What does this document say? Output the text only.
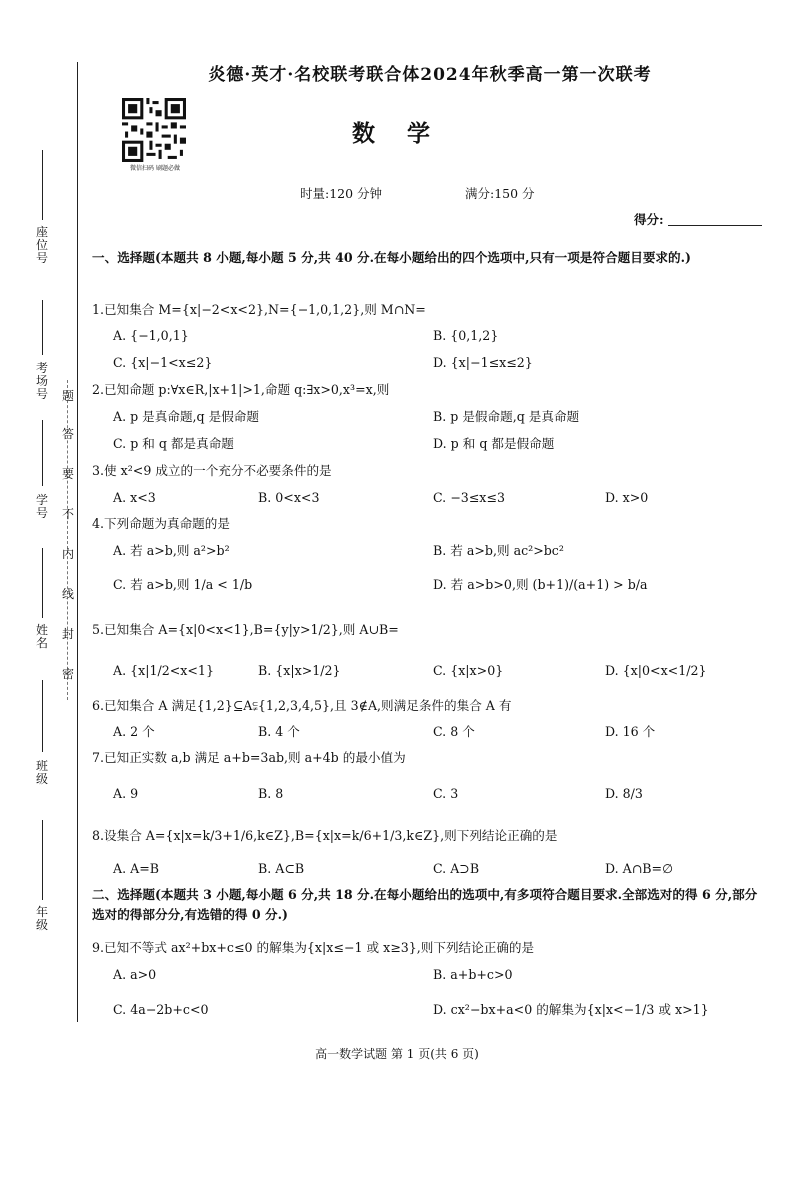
座位号
考场号
学号
姓名
班级
年级
题
答
要
不
内
线
封
密
炎德·英才·名校联考联合体2024年秋季高一第一次联考
数 学
微信扫码 刷题必做
时量:120 分钟	满分:150 分
得分:
一、选择题(本题共 8 小题,每小题 5 分,共 40 分.在每小题给出的四个选项中,只有一项是符合题目要求的.)
1.已知集合 M={x|−2<x<2},N={−1,0,1,2},则 M∩N=
A. {−1,0,1}	B. {0,1,2}
C. {x|−1<x≤2}	D. {x|−1≤x≤2}
2.已知命题 p:∀x∈R,|x+1|>1,命题 q:∃x>0,x³=x,则
A. p 是真命题,q 是假命题	B. p 是假命题,q 是真命题
C. p 和 q 都是真命题	D. p 和 q 都是假命题
3.使 x²<9 成立的一个充分不必要条件的是
A. x<3	B. 0<x<3	C. −3≤x≤3	D. x>0
4.下列命题为真命题的是
A. 若 a>b,则 a²>b²	B. 若 a>b,则 ac²>bc²
C. 若 a>b,则 1/a < 1/b	D. 若 a>b>0,则 (b+1)/(a+1) > b/a
5.已知集合 A={x|0<x<1},B={y|y>1/2},则 A∪B=
A. {x|1/2<x<1}	B. {x|x>1/2}	C. {x|x>0}	D. {x|0<x<1/2}
6.已知集合 A 满足{1,2}⊆A⫋{1,2,3,4,5},且 3∉A,则满足条件的集合 A 有
A. 2 个	B. 4 个	C. 8 个	D. 16 个
7.已知正实数 a,b 满足 a+b=3ab,则 a+4b 的最小值为
A. 9	B. 8	C. 3	D. 8/3
8.设集合 A={x|x=k/3+1/6,k∈Z},B={x|x=k/6+1/3,k∈Z},则下列结论正确的是
A. A=B	B. A⊂B	C. A⊃B	D. A∩B=∅
二、选择题(本题共 3 小题,每小题 6 分,共 18 分.在每小题给出的选项中,有多项符合题目要求.全部选对的得 6 分,部分选对的得部分分,有选错的得 0 分.)
9.已知不等式 ax²+bx+c≤0 的解集为{x|x≤−1 或 x≥3},则下列结论正确的是
A. a>0	B. a+b+c>0
C. 4a−2b+c<0	D. cx²−bx+a<0 的解集为{x|x<−1/3 或 x>1}
高一数学试题 第 1 页(共 6 页)
